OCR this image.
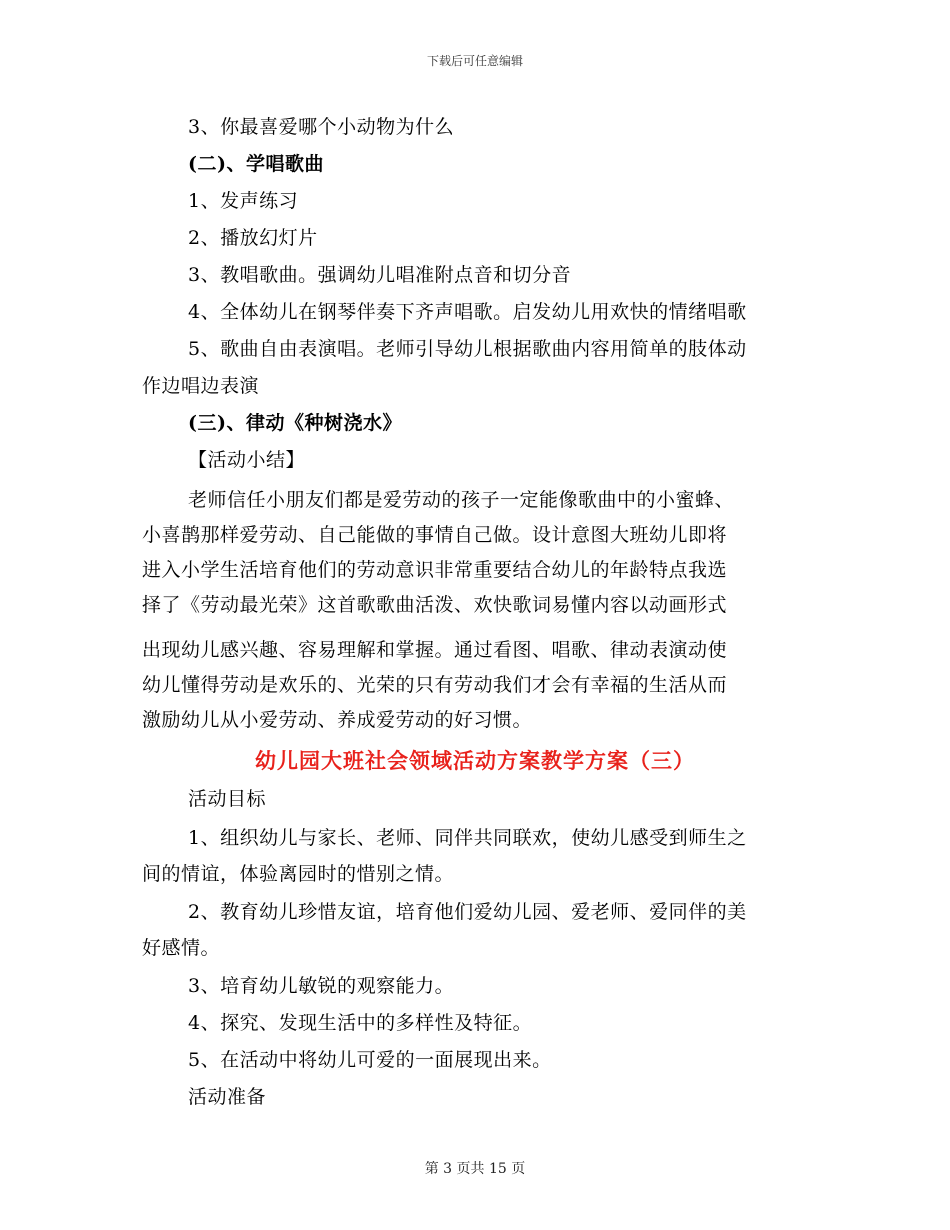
下载后可任意编辑
3、你最喜爱哪个小动物为什么
(二)、学唱歌曲
1、发声练习
2、播放幻灯片
3、教唱歌曲。强调幼儿唱准附点音和切分音
4、全体幼儿在钢琴伴奏下齐声唱歌。启发幼儿用欢快的情绪唱歌
5、歌曲自由表演唱。老师引导幼儿根据歌曲内容用简单的肢体动
作边唱边表演
(三)、律动《种树浇水》
【活动小结】
老师信任小朋友们都是爱劳动的孩子一定能像歌曲中的小蜜蜂、
小喜鹊那样爱劳动、自己能做的事情自己做。设计意图大班幼儿即将
进入小学生活培育他们的劳动意识非常重要结合幼儿的年龄特点我选
择了《劳动最光荣》这首歌歌曲活泼、欢快歌词易懂内容以动画形式
出现幼儿感兴趣、容易理解和掌握。通过看图、唱歌、律动表演动使
幼儿懂得劳动是欢乐的、光荣的只有劳动我们才会有幸福的生活从而
激励幼儿从小爱劳动、养成爱劳动的好习惯。
幼儿园大班社会领域活动方案教学方案（三）
活动目标
1、组织幼儿与家长、老师、同伴共同联欢，使幼儿感受到师生之
间的情谊，体验离园时的惜别之情。
2、教育幼儿珍惜友谊，培育他们爱幼儿园、爱老师、爱同伴的美
好感情。
3、培育幼儿敏锐的观察能力。
4、探究、发现生活中的多样性及特征。
5、在活动中将幼儿可爱的一面展现出来。
活动准备
第 3 页共 15 页
